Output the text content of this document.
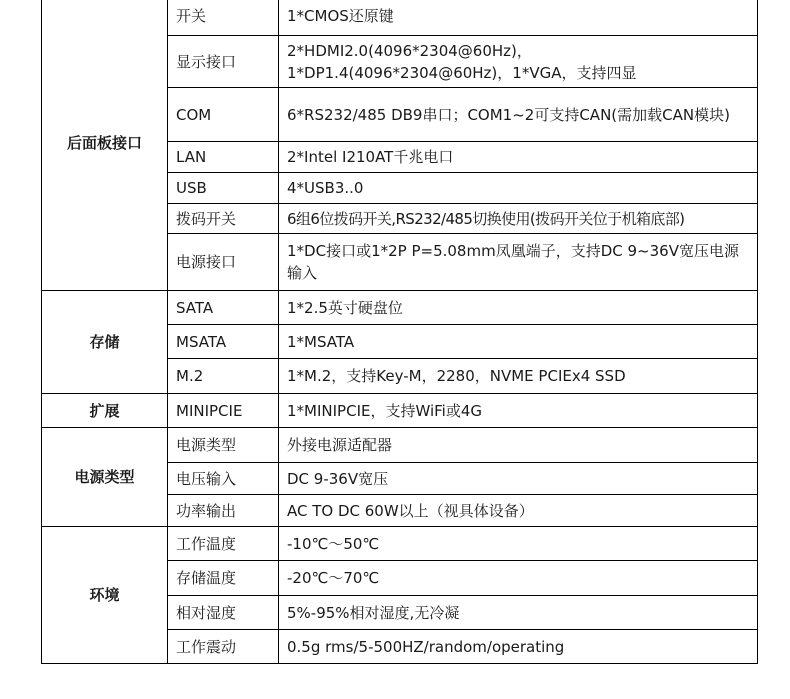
后面板接口	开关	1*CMOS还原键
	显示接口	2*HDMI2.0(4096*2304@60Hz)，1*DP1.4(4096*2304@60Hz)，1*VGA，支持四显
	COM	6*RS232/485 DB9串口；COM1~2可支持CAN(需加载CAN模块)
	LAN	2*Intel I210AT千兆电口
	USB	4*USB3..0
	拨码开关	6组6位拨码开关,RS232/485切换使用(拨码开关位于机箱底部)
	电源接口	1*DC接口或1*2P P=5.08mm凤凰端子，支持DC 9~36V宽压电源输入
存储	SATA	1*2.5英寸硬盘位
	MSATA	1*MSATA
	M.2	1*M.2，支持Key-M，2280，NVME PCIEx4 SSD
扩展	MINIPCIE	1*MINIPCIE，支持WiFi或4G
电源类型	电源类型	外接电源适配器
	电压输入	DC 9-36V宽压
	功率输出	AC TO DC 60W以上（视具体设备）
环境	工作温度	-10℃～50℃
	存储温度	-20℃～70℃
	相对湿度	5%-95%相对湿度,无冷凝
	工作震动	0.5g rms/5-500HZ/random/operating
